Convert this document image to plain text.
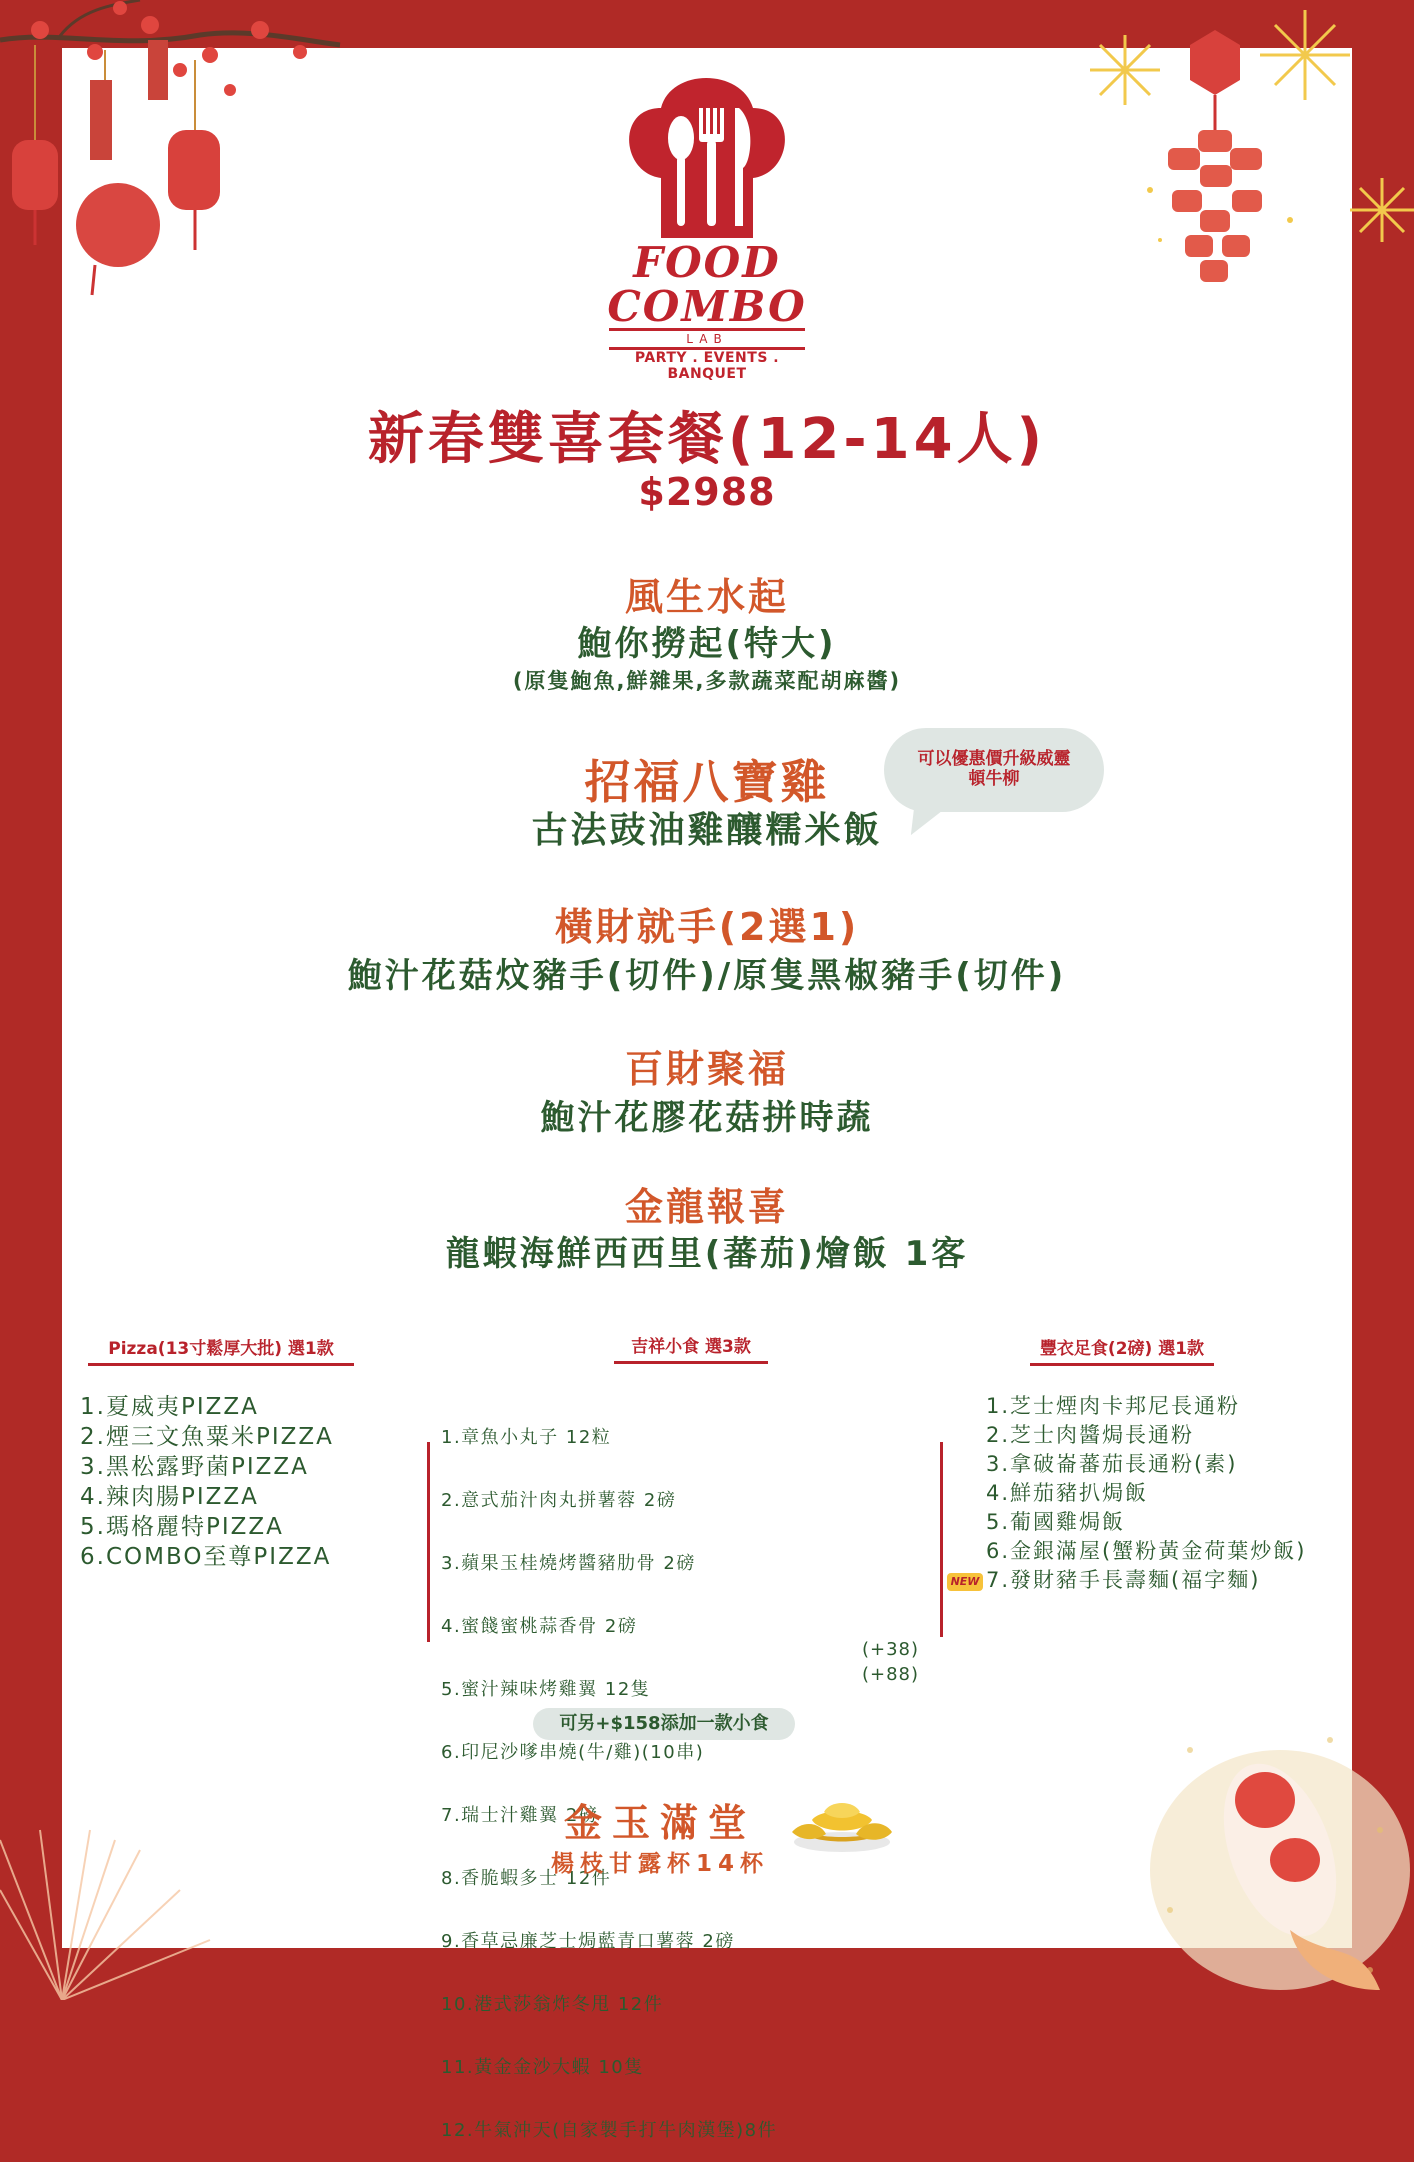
FOOD
COMBO
LAB
PARTY . EVENTS . BANQUET
新春雙喜套餐(12-14人)
$2988
風生水起
鮑你撈起(特大)
(原隻鮑魚,鮮雜果,多款蔬菜配胡麻醬)
招福八寶雞
古法豉油雞釀糯米飯
可以優惠價升級威靈
頓牛柳
橫財就手(2選1)
鮑汁花菇炆豬手(切件)/原隻黑椒豬手(切件)
百財聚福
鮑汁花膠花菇拼時蔬
金龍報喜
龍蝦海鮮西西里(蕃茄)燴飯 1客
Pizza(13寸鬆厚大批) 選1款
1.夏威夷PIZZA
2.煙三文魚粟米PIZZA
3.黑松露野菌PIZZA
4.辣肉腸PIZZA
5.瑪格麗特PIZZA
6.COMBO至尊PIZZA
吉祥小食 選3款

1.章魚小丸子 12粒

2.意式茄汁肉丸拼薯蓉 2磅

3.蘋果玉桂燒烤醬豬肋骨 2磅

4.蜜餞蜜桃蒜香骨 2磅

5.蜜汁辣味烤雞翼 12隻

6.印尼沙嗲串燒(牛/雞)(10串)

7.瑞士汁雞翼 2磅

8.香脆蝦多士 12件

9.香草忌廉芝士焗藍青口薯蓉 2磅

10.港式莎翁炸冬甩 12件

11.黃金金沙大蝦 10隻

12.牛氣沖天(自家製手打牛肉漢堡)8件

(+38)
(+88)
可另+$158添加一款小食
豐衣足食(2磅) 選1款
1.芝士煙肉卡邦尼長通粉
2.芝士肉醬焗長通粉
3.拿破崙蕃茄長通粉(素)
4.鮮茄豬扒焗飯
5.葡國雞焗飯
6.金銀滿屋(蟹粉黃金荷葉炒飯)
7.發財豬手長壽麵(福字麵)
NEW
金玉滿堂
楊枝甘露杯14杯
